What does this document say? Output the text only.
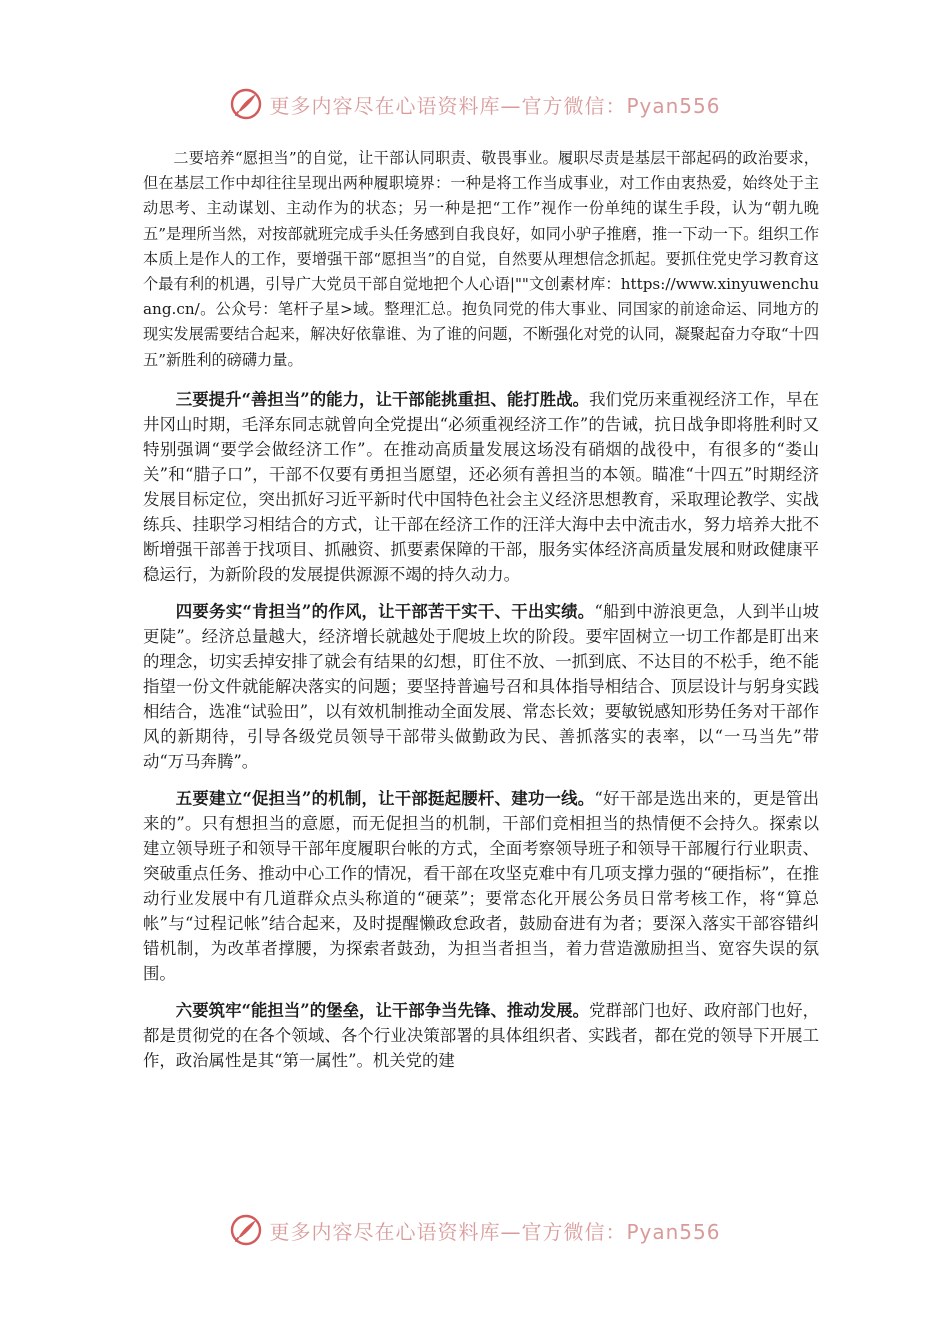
更多内容尽在心语资料库—官方微信：Pyan556

二要培养“愿担当”的自觉，让干部认同职责、敬畏事业。履职尽责是基层干部起码的政治要求，但在基层工作中却往往呈现出两种履职境界：一种是将工作当成事业，对工作由衷热爱，始终处于主动思考、主动谋划、主动作为的状态；另一种是把“工作”视作一份单纯的谋生手段，认为“朝九晚五”是理所当然，对按部就班完成手头任务感到自我良好，如同小驴子推磨，推一下动一下。组织工作本质上是作人的工作，要增强干部“愿担当”的自觉，自然要从理想信念抓起。要抓住党史学习教育这个最有利的机遇，引导广大党员干部自觉地把个人心语|""文创素材库：https://www.xinyuwenchuang.cn/。公众号：笔杆子星>域。整理汇总。抱负同党的伟大事业、同国家的前途命运、同地方的现实发展需要结合起来，解决好依靠谁、为了谁的问题，不断强化对党的认同，凝聚起奋力夺取“十四五”新胜利的磅礴力量。

三要提升“善担当”的能力，让干部能挑重担、能打胜战。我们党历来重视经济工作，早在井冈山时期，毛泽东同志就曾向全党提出“必须重视经济工作”的告诫，抗日战争即将胜利时又特别强调“要学会做经济工作”。在推动高质量发展这场没有硝烟的战役中，有很多的“娄山关”和“腊子口”，干部不仅要有勇担当愿望，还必须有善担当的本领。瞄准“十四五”时期经济发展目标定位，突出抓好习近平新时代中国特色社会主义经济思想教育，采取理论教学、实战练兵、挂职学习相结合的方式，让干部在经济工作的汪洋大海中去中流击水，努力培养大批不断增强干部善于找项目、抓融资、抓要素保障的干部，服务实体经济高质量发展和财政健康平稳运行，为新阶段的发展提供源源不竭的持久动力。

四要务实“肯担当”的作风，让干部苦干实干、干出实绩。“船到中游浪更急，人到半山坡更陡”。经济总量越大，经济增长就越处于爬坡上坎的阶段。要牢固树立一切工作都是盯出来的理念，切实丢掉安排了就会有结果的幻想，盯住不放、一抓到底、不达目的不松手，绝不能指望一份文件就能解决落实的问题；要坚持普遍号召和具体指导相结合、顶层设计与躬身实践相结合，选准“试验田”，以有效机制推动全面发展、常态长效；要敏锐感知形势任务对干部作风的新期待，引导各级党员领导干部带头做勤政为民、善抓落实的表率，以“一马当先”带动“万马奔腾”。

五要建立“促担当”的机制，让干部挺起腰杆、建功一线。“好干部是选出来的，更是管出来的”。只有想担当的意愿，而无促担当的机制，干部们竞相担当的热情便不会持久。探索以建立领导班子和领导干部年度履职台帐的方式，全面考察领导班子和领导干部履行行业职责、突破重点任务、推动中心工作的情况，看干部在攻坚克难中有几项支撑力强的“硬指标”，在推动行业发展中有几道群众点头称道的“硬菜”；要常态化开展公务员日常考核工作，将“算总帐”与“过程记帐”结合起来，及时提醒懒政怠政者，鼓励奋进有为者；要深入落实干部容错纠错机制，为改革者撑腰，为探索者鼓劲，为担当者担当，着力营造激励担当、宽容失误的氛围。

六要筑牢“能担当”的堡垒，让干部争当先锋、推动发展。党群部门也好、政府部门也好，都是贯彻党的在各个领域、各个行业决策部署的具体组织者、实践者，都在党的领导下开展工作，政治属性是其“第一属性”。机关党的建

更多内容尽在心语资料库—官方微信：Pyan556
